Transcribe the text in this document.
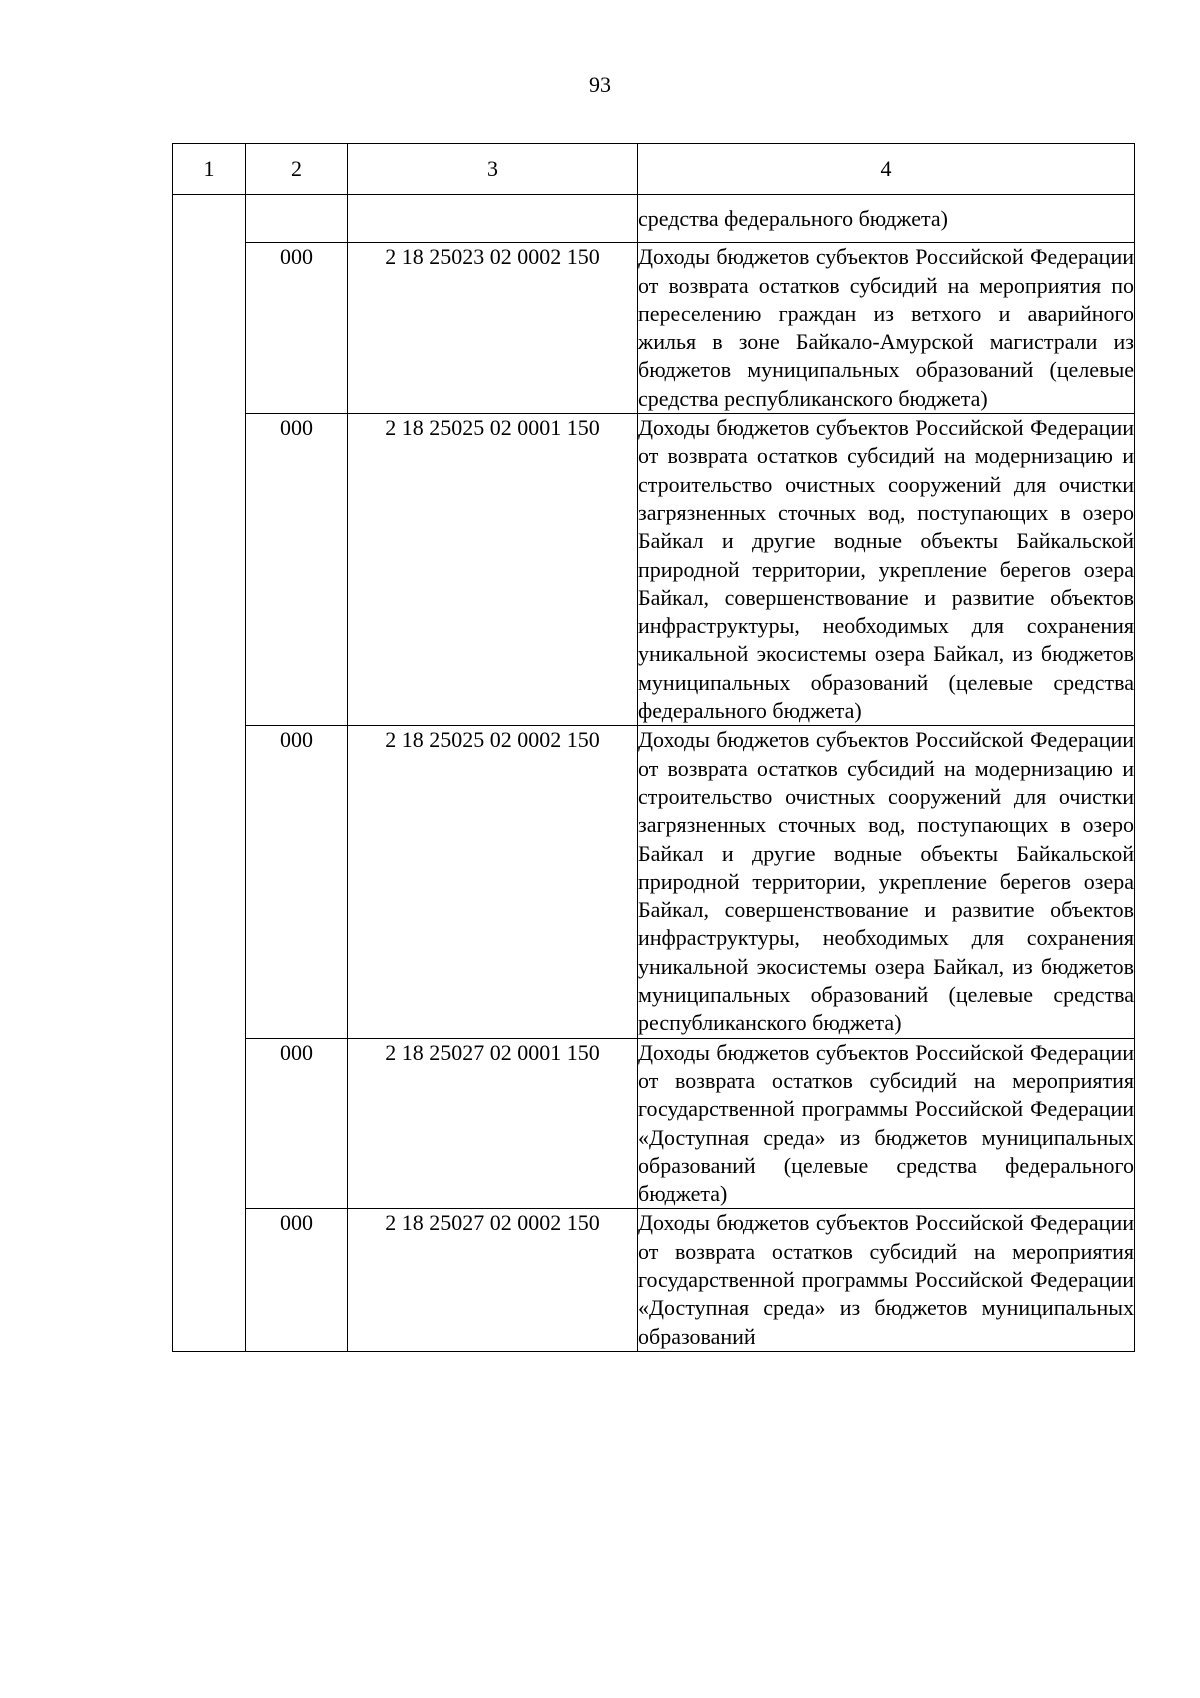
93
1	2	3	4
			средства федерального бюджета)
	000	2 18 25023 02 0002 150	Доходы бюджетов субъектов Российской Федерации от возврата остатков субсидий на мероприятия по переселению граждан из ветхого и аварийного жилья в зоне Байкало-Амурской магистрали из бюджетов муниципальных образований (целевые средства республиканского бюджета)
	000	2 18 25025 02 0001 150	Доходы бюджетов субъектов Российской Федерации от возврата остатков субсидий на модернизацию и строительство очистных сооружений для очистки загрязненных сточных вод, поступающих в озеро Байкал и другие водные объекты Байкальской природной территории, укрепление берегов озера Байкал, совершенствование и развитие объектов инфраструктуры, необходимых для сохранения уникальной экосистемы озера Байкал, из бюджетов муниципальных образований (целевые средства федерального бюджета)
	000	2 18 25025 02 0002 150	Доходы бюджетов субъектов Российской Федерации от возврата остатков субсидий на модернизацию и строительство очистных сооружений для очистки загрязненных сточных вод, поступающих в озеро Байкал и другие водные объекты Байкальской природной территории, укрепление берегов озера Байкал, совершенствование и развитие объектов инфраструктуры, необходимых для сохранения уникальной экосистемы озера Байкал, из бюджетов муниципальных образований (целевые средства республиканского бюджета)
	000	2 18 25027 02 0001 150	Доходы бюджетов субъектов Российской Федерации от возврата остатков субсидий на мероприятия государственной программы Российской Федерации «Доступная среда» из бюджетов муниципальных образований (целевые средства федерального бюджета)
	000	2 18 25027 02 0002 150	Доходы бюджетов субъектов Российской Федерации от возврата остатков субсидий на мероприятия государственной программы Российской Федерации «Доступная среда» из бюджетов муниципальных образований
